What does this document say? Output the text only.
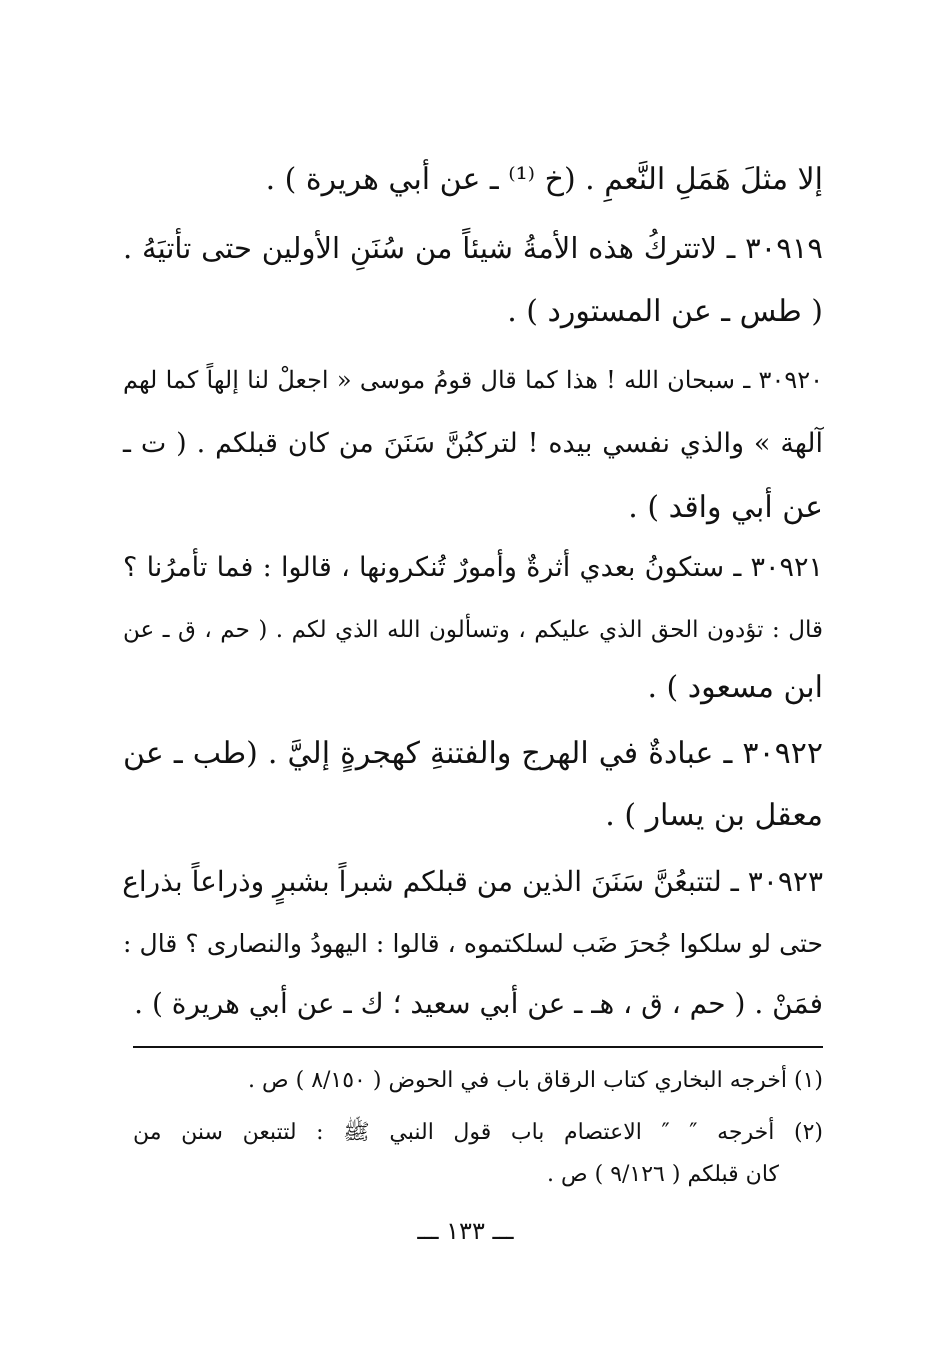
إلا مثلَ هَمَلِ النَّعمِ . (خ ⁽¹⁾ ـ عن أبي هريرة ) .
٣٠٩١٩ ـ لاتتركُ هذه الأمةُ شيئاً من سُنَنِ الأولين حتى تأتيَهُ .
( طس ـ عن المستورد ) .
٣٠٩٢٠ ـ سبحان الله ! هذا كما قال قومُ موسى « اجعلْ لنا إلهاً كما لهم
آلهة » والذي نفسي بيده ! لتركبُنَّ سَنَنَ من كان قبلكم . ( ت ـ
عن أبي واقد ) .
٣٠٩٢١ ـ ستكونُ بعدي أثرةٌ وأمورٌ تُنكرونها ، قالوا : فما تأمرُنا ؟
قال : تؤدون الحق الذي عليكم ، وتسألون الله الذي لكم . ( حم ، ق ـ عن
ابن مسعود ) .
٣٠٩٢٢ ـ عبادةٌ في الهرج والفتنةِ كهجرةٍ إليَّ . (طب ـ عن
معقل بن يسار ) .
٣٠٩٢٣ ـ لتتبعُنَّ سَنَنَ الذين من قبلكم شبراً بشبرٍ وذراعاً بذراع
حتى لو سلكوا جُحرَ ضَب لسلكتموه ، قالوا : اليهودُ والنصارى ؟ قال :
فمَنْ . ( حم ، ق ، هـ ـ عن أبي سعيد ؛ ك ـ عن أبي هريرة ) .
(١) أخرجه البخاري كتاب الرقاق باب في الحوض ( ٨/١٥٠ ) ص .
(٢) أخرجه ″ ″ الاعتصام باب قول النبي ﷺ : لتتبعن سنن من
كان قبلكم ( ٩/١٢٦ ) ص .
ـــ ١٣٣ ـــ
